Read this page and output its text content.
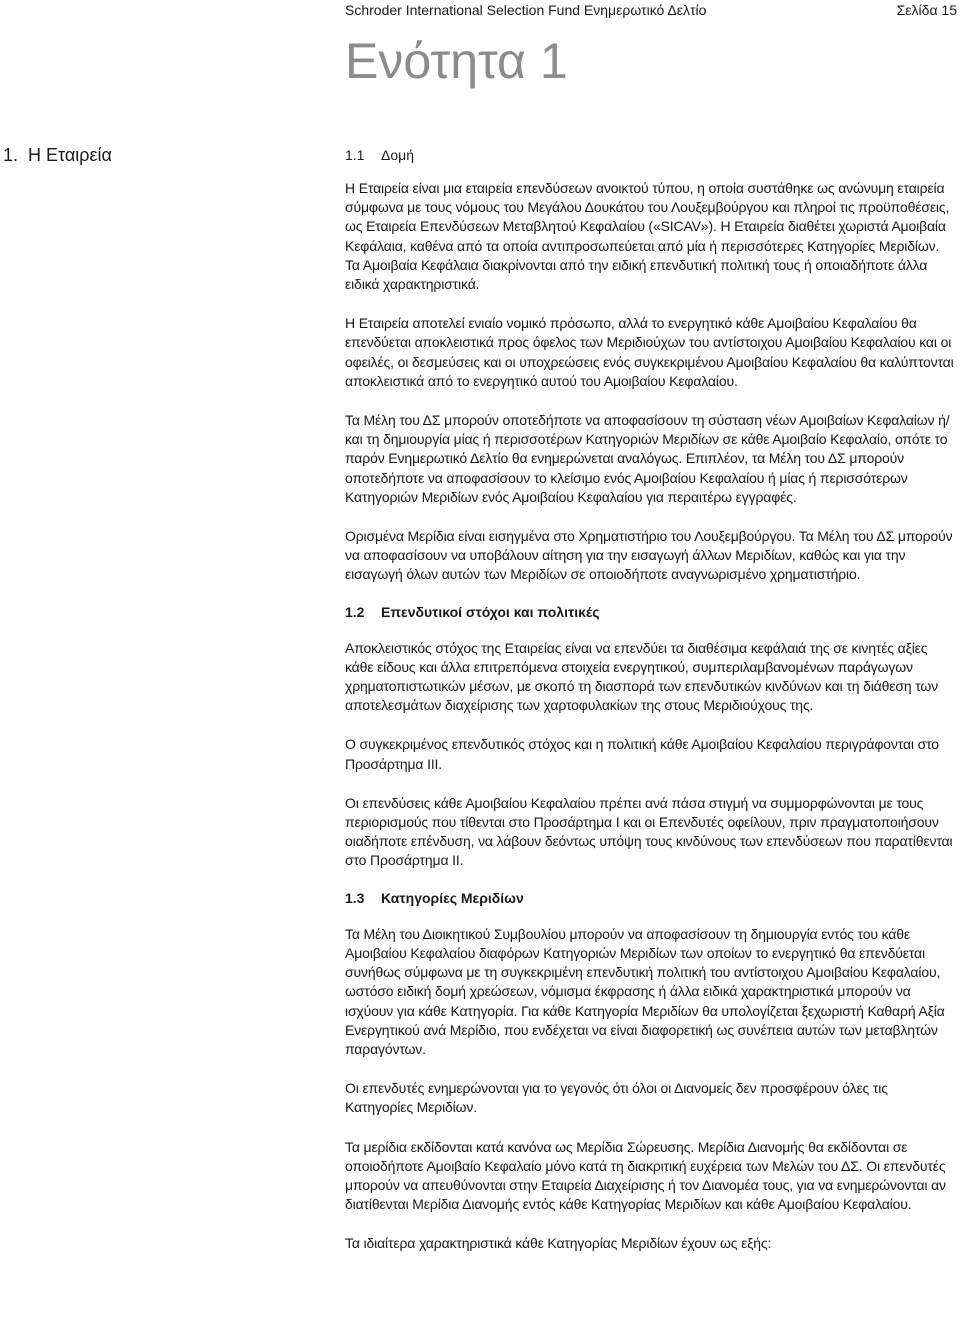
Schroder International Selection Fund Ενημερωτικό Δελτίο	Σελίδα 15
Ενότητα 1
1. Η Εταιρεία	1.1 Δομή

Η Εταιρεία είναι μια εταιρεία επενδύσεων ανοικτού τύπου, η οποία συστάθηκε ως ανώνυμη εταιρεία σύμφωνα με τους νόμους του Μεγάλου Δουκάτου του Λουξεμβούργου και πληροί τις προϋποθέσεις, ως Εταιρεία Επενδύσεων Μεταβλητού Κεφαλαίου («SICAV»). Η Εταιρεία διαθέτει χωριστά Αμοιβαία Κεφάλαια, καθένα από τα οποία αντιπροσωπεύεται από μία ή περισσότερες Κατηγορίες Μεριδίων. Τα Αμοιβαία Κεφάλαια διακρίνονται από την ειδική επενδυτική πολιτική τους ή οποιαδήποτε άλλα ειδικά χαρακτηριστικά.

Η Εταιρεία αποτελεί ενιαίο νομικό πρόσωπο, αλλά το ενεργητικό κάθε Αμοιβαίου Κεφαλαίου θα επενδύεται αποκλειστικά προς όφελος των Μεριδιούχων του αντίστοιχου Αμοιβαίου Κεφαλαίου και οι οφειλές, οι δεσμεύσεις και οι υποχρεώσεις ενός συγκεκριμένου Αμοιβαίου Κεφαλαίου θα καλύπτονται αποκλειστικά από το ενεργητικό αυτού του Αμοιβαίου Κεφαλαίου.

Τα Μέλη του ΔΣ μπορούν οποτεδήποτε να αποφασίσουν τη σύσταση νέων Αμοιβαίων Κεφαλαίων ή/και τη δημιουργία μίας ή περισσοτέρων Κατηγοριών Μεριδίων σε κάθε Αμοιβαίο Κεφαλαίο, οπότε το παρόν Ενημερωτικό Δελτίο θα ενημερώνεται αναλόγως. Επιπλέον, τα Μέλη του ΔΣ μπορούν οποτεδήποτε να αποφασίσουν το κλείσιμο ενός Αμοιβαίου Κεφαλαίου ή μίας ή περισσότερων Κατηγοριών Μεριδίων ενός Αμοιβαίου Κεφαλαίου για περαιτέρω εγγραφές.

Ορισμένα Μερίδια είναι εισηγμένα στο Χρηματιστήριο του Λουξεμβούργου. Τα Μέλη του ΔΣ μπορούν να αποφασίσουν να υποβάλουν αίτηση για την εισαγωγή άλλων Μεριδίων, καθώς και για την εισαγωγή όλων αυτών των Μεριδίων σε οποιοδήποτε αναγνωρισμένο χρηματιστήριο.

1.2 Επενδυτικοί στόχοι και πολιτικές

Αποκλειστικός στόχος της Εταιρείας είναι να επενδύει τα διαθέσιμα κεφάλαιά της σε κινητές αξίες κάθε είδους και άλλα επιτρεπόμενα στοιχεία ενεργητικού, συμπεριλαμβανομένων παράγωγων χρηματοπιστωτικών μέσων, με σκοπό τη διασπορά των επενδυτικών κινδύνων και τη διάθεση των αποτελεσμάτων διαχείρισης των χαρτοφυλακίων της στους Μεριδιούχους της.

Ο συγκεκριμένος επενδυτικός στόχος και η πολιτική κάθε Αμοιβαίου Κεφαλαίου περιγράφονται στο Προσάρτημα III.

Οι επενδύσεις κάθε Αμοιβαίου Κεφαλαίου πρέπει ανά πάσα στιγμή να συμμορφώνονται με τους περιορισμούς που τίθενται στο Προσάρτημα I και οι Επενδυτές οφείλουν, πριν πραγματοποιήσουν οιαδήποτε επένδυση, να λάβουν δεόντως υπόψη τους κινδύνους των επενδύσεων που παρατίθενται στο Προσάρτημα II.

1.3 Κατηγορίες Μεριδίων

Τα Μέλη του Διοικητικού Συμβουλίου μπορούν να αποφασίσουν τη δημιουργία εντός του κάθε Αμοιβαίου Κεφαλαίου διαφόρων Κατηγοριών Μεριδίων των οποίων το ενεργητικό θα επενδύεται συνήθως σύμφωνα με τη συγκεκριμένη επενδυτική πολιτική του αντίστοιχου Αμοιβαίου Κεφαλαίου, ωστόσο ειδική δομή χρεώσεων, νόμισμα έκφρασης ή άλλα ειδικά χαρακτηριστικά μπορούν να ισχύουν για κάθε Κατηγορία. Για κάθε Κατηγορία Μεριδίων θα υπολογίζεται ξεχωριστή Καθαρή Αξία Ενεργητικού ανά Μερίδιο, που ενδέχεται να είναι διαφορετική ως συνέπεια αυτών των μεταβλητών παραγόντων.

Οι επενδυτές ενημερώνονται για το γεγονός ότι όλοι οι Διανομείς δεν προσφέρουν όλες τις Κατηγορίες Μεριδίων.

Τα μερίδια εκδίδονται κατά κανόνα ως Μερίδια Σώρευσης. Μερίδια Διανομής θα εκδίδονται σε οποιοδήποτε Αμοιβαίο Κεφαλαίο μόνο κατά τη διακριτική ευχέρεια των Μελών του ΔΣ. Οι επενδυτές μπορούν να απευθύνονται στην Εταιρεία Διαχείρισης ή τον Διανομέα τους, για να ενημερώνονται αν διατίθενται Μερίδια Διανομής εντός κάθε Κατηγορίας Μεριδίων και κάθε Αμοιβαίου Κεφαλαίου.

Τα ιδιαίτερα χαρακτηριστικά κάθε Κατηγορίας Μεριδίων έχουν ως εξής:
